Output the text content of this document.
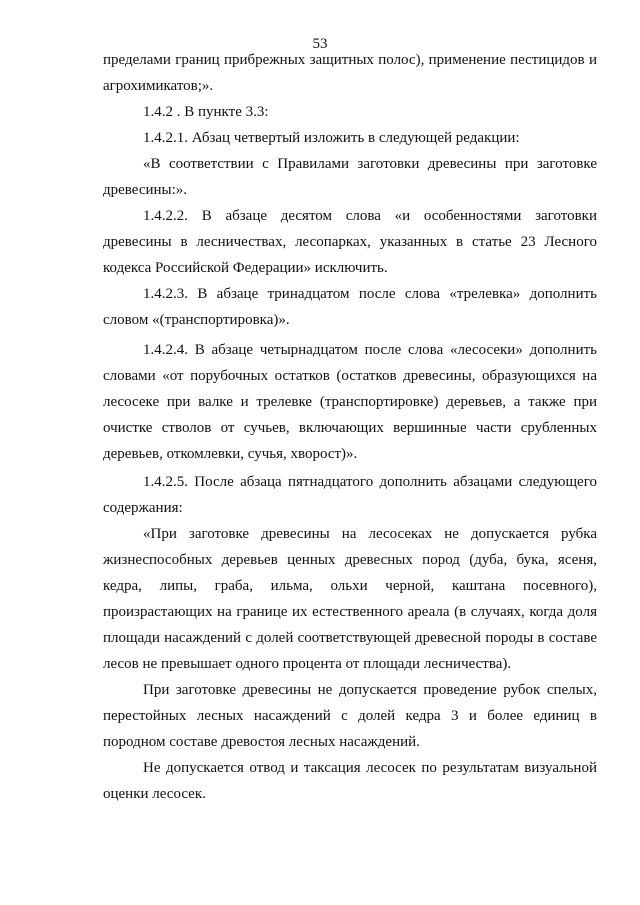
53

пределами границ прибрежных защитных полос), применение пестицидов и агрохимикатов;».

1.4.2 . В пункте 3.3:

1.4.2.1. Абзац четвертый изложить в следующей редакции:

«В соответствии с Правилами заготовки древесины при заготовке древесины:».

1.4.2.2. В абзаце десятом слова «и особенностями заготовки древесины в лесничествах, лесопарках, указанных в статье 23 Лесного кодекса Российской Федерации» исключить.

1.4.2.3. В абзаце тринадцатом после слова «трелевка» дополнить словом «(транспортировка)».

1.4.2.4. В абзаце четырнадцатом после слова «лесосеки» дополнить словами «от порубочных остатков (остатков древесины, образующихся на лесосеке при валке и трелевке (транспортировке) деревьев, а также при очистке стволов от сучьев, включающих вершинные части срубленных деревьев, откомлевки, сучья, хворост)».

1.4.2.5. После абзаца пятнадцатого дополнить абзацами следующего содержания:

«При заготовке древесины на лесосеках не допускается рубка жизнеспособных деревьев ценных древесных пород (дуба, бука, ясеня, кедра, липы, граба, ильма, ольхи черной, каштана посевного), произрастающих на границе их естественного ареала (в случаях, когда доля площади насаждений с долей соответствующей древесной породы в составе лесов не превышает одного процента от площади лесничества).

При заготовке древесины не допускается проведение рубок спелых, перестойных лесных насаждений с долей кедра 3 и более единиц в породном составе древостоя лесных насаждений.

Не допускается отвод и таксация лесосек по результатам визуальной оценки лесосек.
